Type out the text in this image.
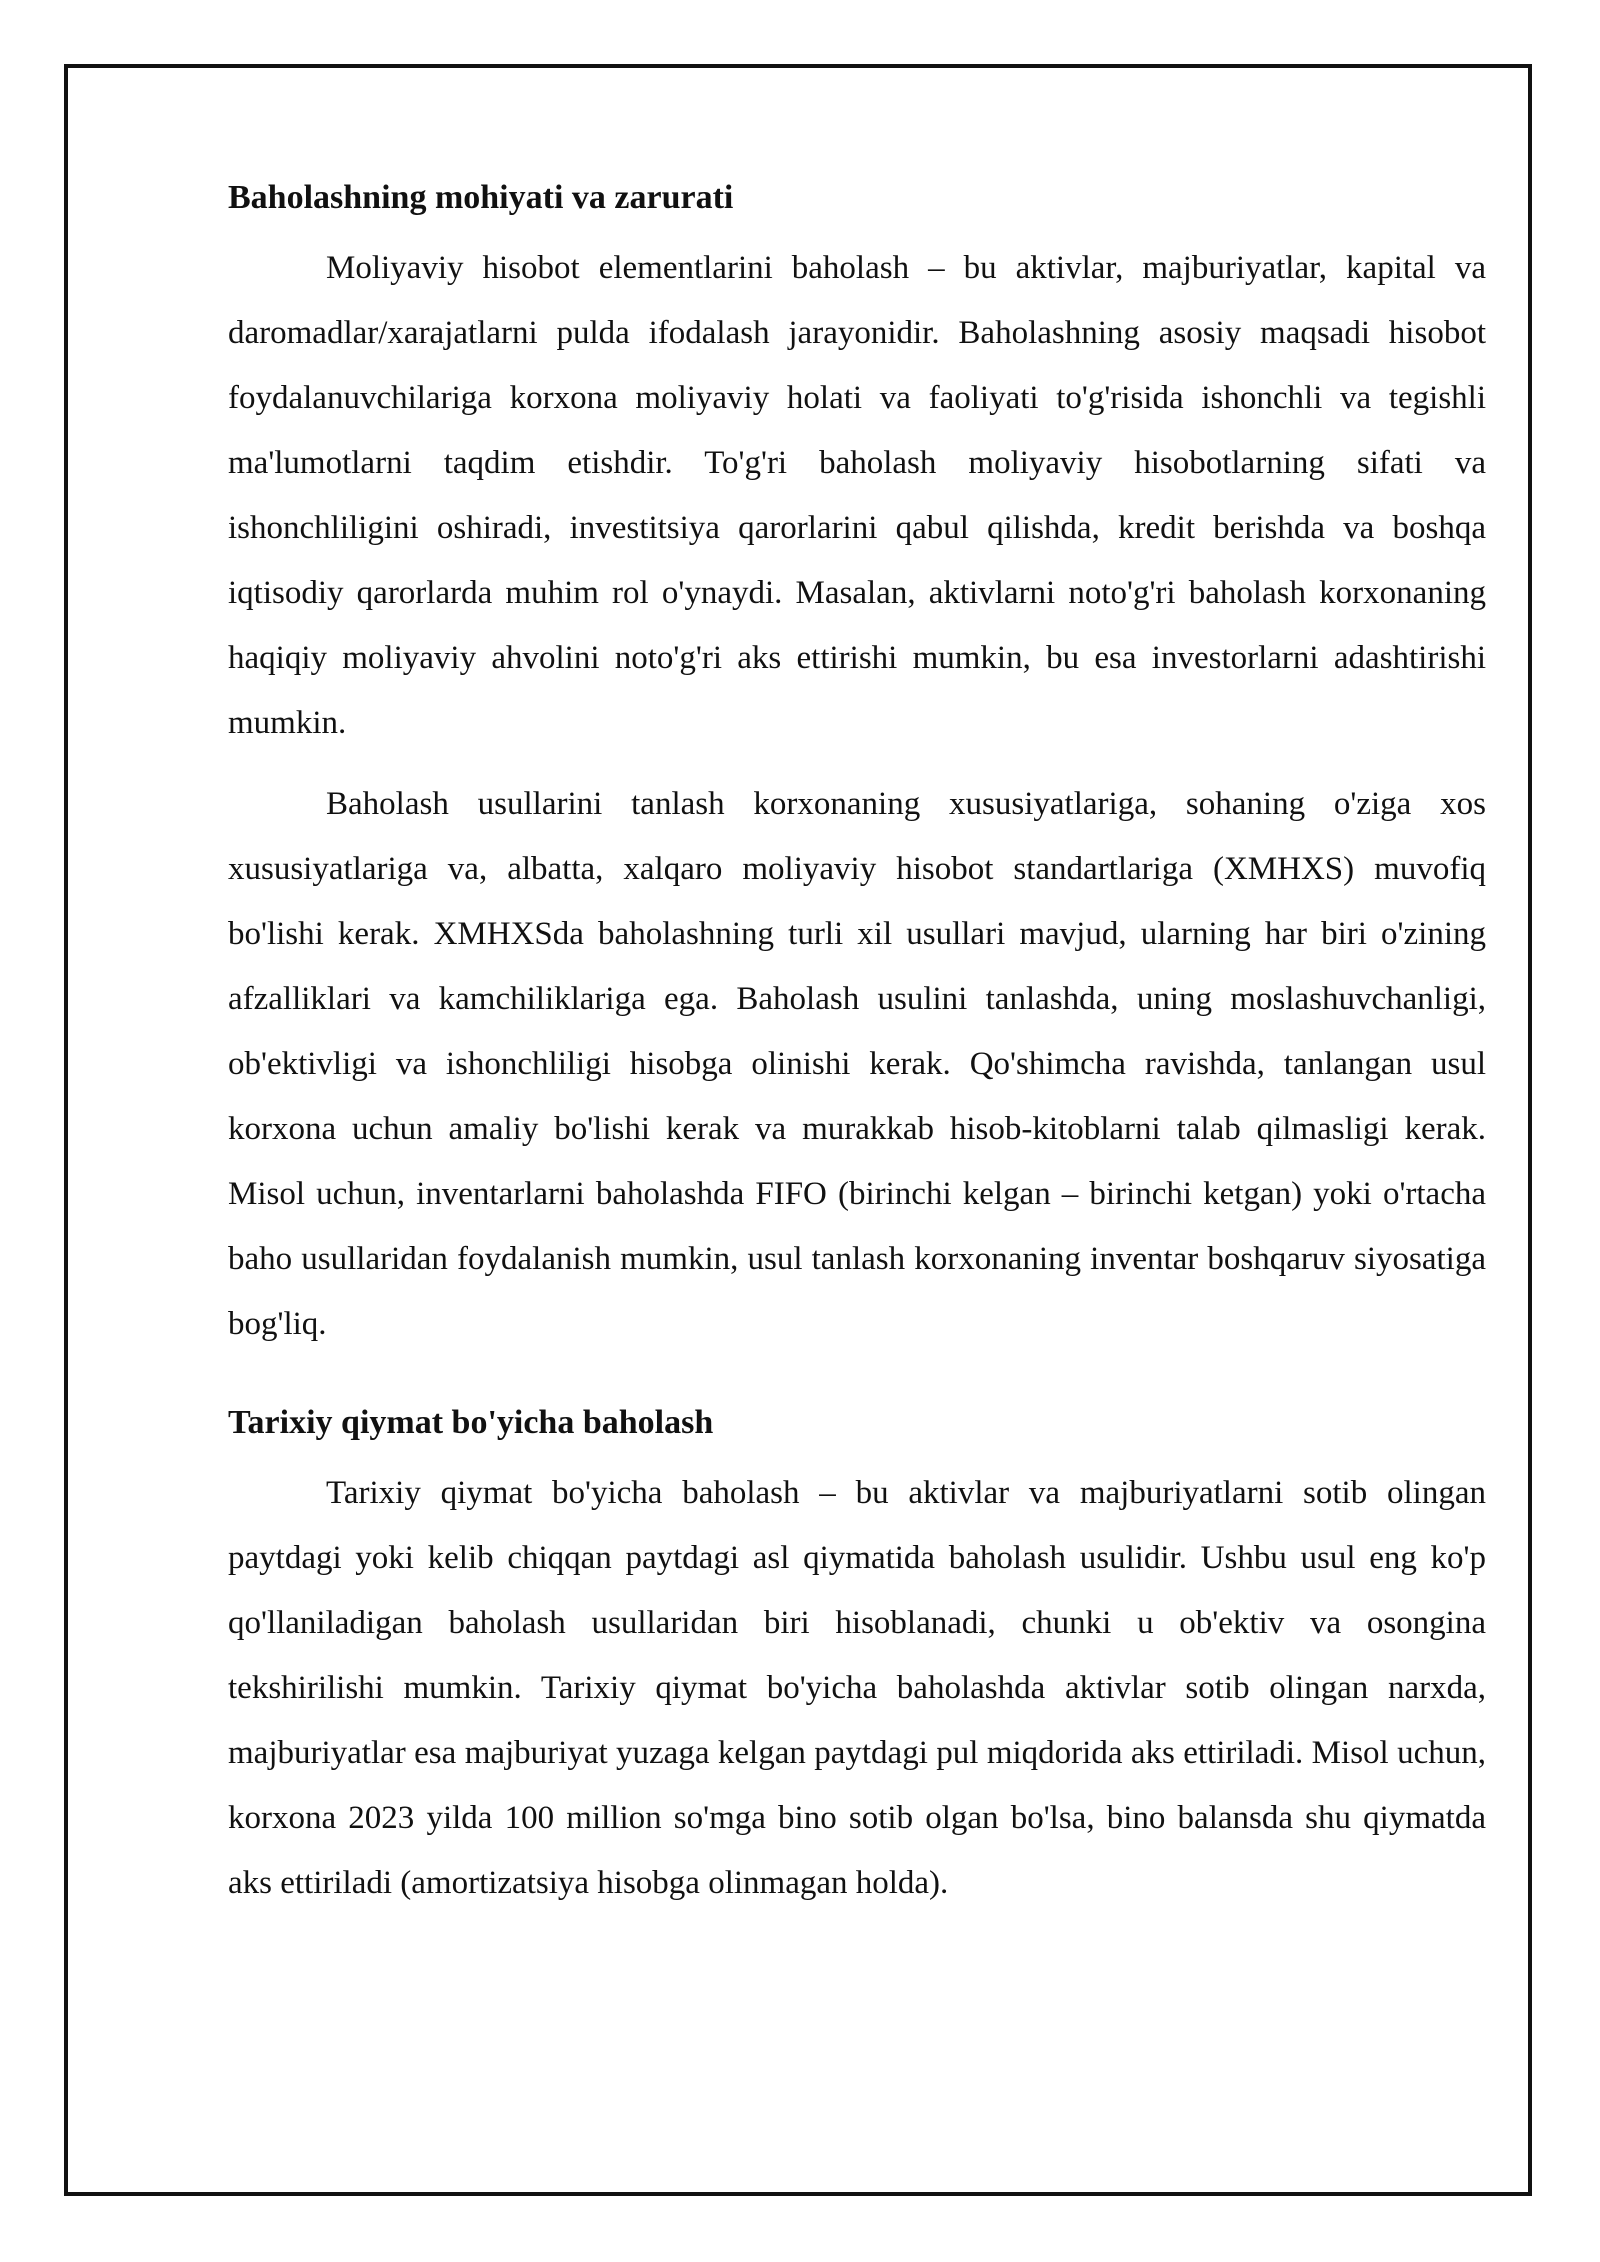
Baholashning mohiyati va zarurati

Moliyaviy hisobot elementlarini baholash – bu aktivlar, majburiyatlar, kapital va daromadlar/xarajatlarni pulda ifodalash jarayonidir. Baholashning asosiy maqsadi hisobot foydalanuvchilariga korxona moliyaviy holati va faoliyati to'g'risida ishonchli va tegishli ma'lumotlarni taqdim etishdir. To'g'ri baholash moliyaviy hisobotlarning sifati va ishonchliligini oshiradi, investitsiya qarorlarini qabul qilishda, kredit berishda va boshqa iqtisodiy qarorlarda muhim rol o'ynaydi. Masalan, aktivlarni noto'g'ri baholash korxonaning haqiqiy moliyaviy ahvolini noto'g'ri aks ettirishi mumkin, bu esa investorlarni adashtirishi mumkin.

Baholash usullarini tanlash korxonaning xususiyatlariga, sohaning o'ziga xos xususiyatlariga va, albatta, xalqaro moliyaviy hisobot standartlariga (XMHXS) muvofiq bo'lishi kerak. XMHXSda baholashning turli xil usullari mavjud, ularning har biri o'zining afzalliklari va kamchiliklariga ega. Baholash usulini tanlashda, uning moslashuvchanligi, ob'ektivligi va ishonchliligi hisobga olinishi kerak. Qo'shimcha ravishda, tanlangan usul korxona uchun amaliy bo'lishi kerak va murakkab hisob-kitoblarni talab qilmasligi kerak. Misol uchun, inventarlarni baholashda FIFO (birinchi kelgan – birinchi ketgan) yoki o'rtacha baho usullaridan foydalanish mumkin, usul tanlash korxonaning inventar boshqaruv siyosatiga bog'liq.

Tarixiy qiymat bo'yicha baholash

Tarixiy qiymat bo'yicha baholash – bu aktivlar va majburiyatlarni sotib olingan paytdagi yoki kelib chiqqan paytdagi asl qiymatida baholash usulidir. Ushbu usul eng ko'p qo'llaniladigan baholash usullaridan biri hisoblanadi, chunki u ob'ektiv va osongina tekshirilishi mumkin. Tarixiy qiymat bo'yicha baholashda aktivlar sotib olingan narxda, majburiyatlar esa majburiyat yuzaga kelgan paytdagi pul miqdorida aks ettiriladi. Misol uchun, korxona 2023 yilda 100 million so'mga bino sotib olgan bo'lsa, bino balansda shu qiymatda aks ettiriladi (amortizatsiya hisobga olinmagan holda).
